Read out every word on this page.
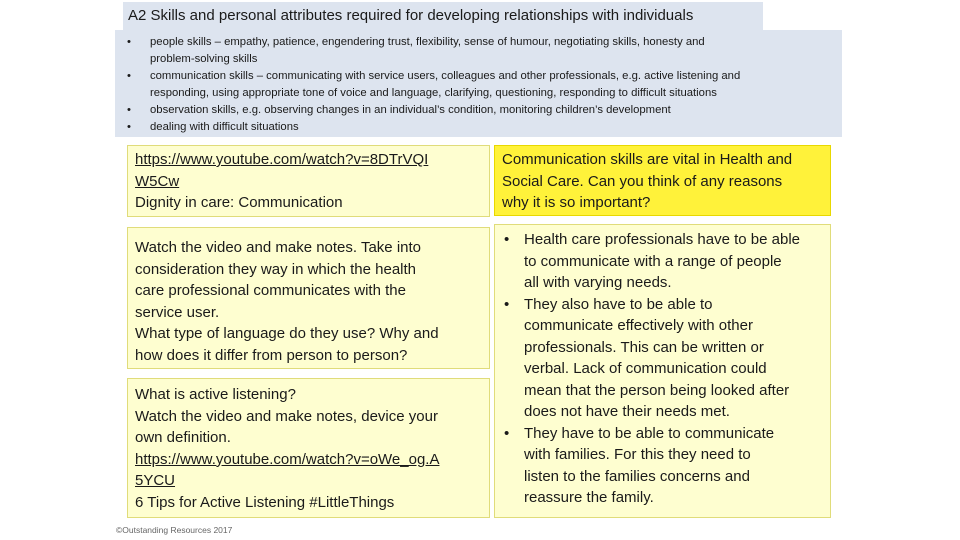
A2 Skills and personal attributes required for developing relationships with individuals
• people skills – empathy, patience, engendering trust, flexibility, sense of humour, negotiating skills, honesty and
problem-solving skills
• communication skills – communicating with service users, colleagues and other professionals, e.g. active listening and
responding, using appropriate tone of voice and language, clarifying, questioning, responding to difficult situations
• observation skills, e.g. observing changes in an individual’s condition, monitoring children’s development
• dealing with difficult situations
https://www.youtube.com/watch?v=8DTrVQI
W5Cw
Dignity in care: Communication
Watch the video and make notes. Take into
consideration they way in which the health
care professional communicates with the
service user.
What type of language do they use? Why and
how does it differ from person to person?
What is active listening?
Watch the video and make notes, device your
own definition.
https://www.youtube.com/watch?v=oWe_og.A
5YCU
6 Tips for Active Listening #LittleThings
Communication skills are vital in Health and
Social Care. Can you think of any reasons
why it is so important?
• Health care professionals have to be able
to communicate with a range of people
all with varying needs.
• They also have to be able to
communicate effectively with other
professionals. This can be written or
verbal. Lack of communication could
mean that the person being looked after
does not have their needs met.
• They have to be able to communicate
with families. For this they need to
listen to the families concerns and
reassure the family.
©Outstanding Resources 2017
